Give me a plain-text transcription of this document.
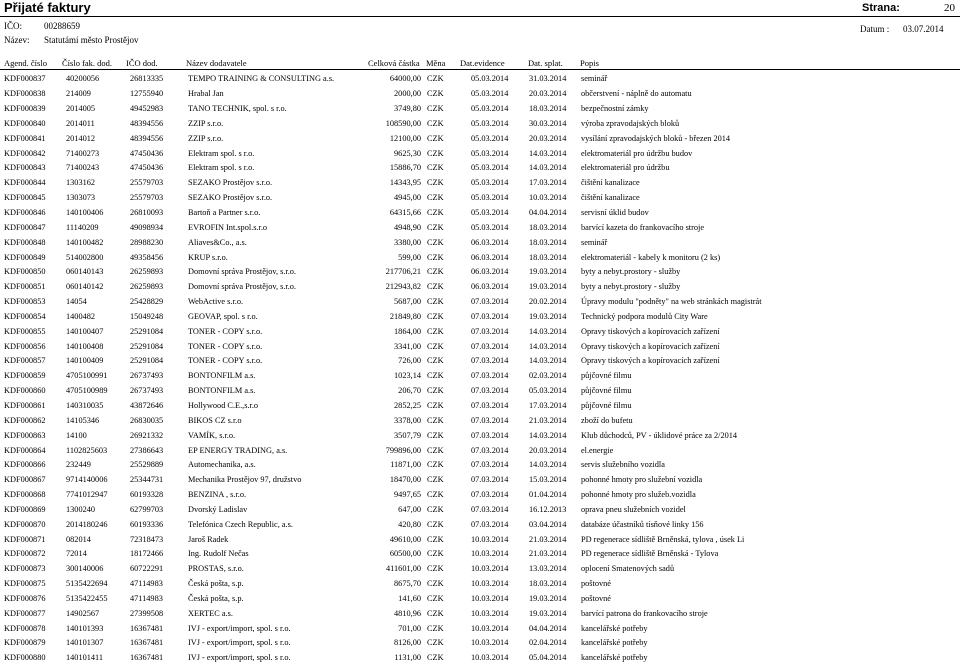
Přijaté faktury	Strana:	20
IČO: 00288659
Název: Statutámí město Prostějov
Datum : 03.07.2014
Agend. číslo Číslo fak. dod. IČO dod.	Název dodavatele	Celková částka Měna Dat.evidence	Dat. splat. Popis
KDF000837	40200056	26813335	TEMPO TRAINING & CONSULTING a.s.	64000,00	CZK	05.03.2014	31.03.2014	seminář
KDF000838	214009	12755940	Hrabal Jan	2000,00	CZK	05.03.2014	20.03.2014	občerstvení - náplně do automatu
KDF000839	2014005	49452983	TANO TECHNIK, spol. s r.o.	3749,80	CZK	05.03.2014	18.03.2014	bezpečnostní zámky
KDF000840	2014011	48394556	ZZIP s.r.o.	108590,00	CZK	05.03.2014	30.03.2014	výroba zpravodajských bloků
KDF000841	2014012	48394556	ZZIP s.r.o.	12100,00	CZK	05.03.2014	20.03.2014	vysílání zpravodajských bloků - březen 2014
KDF000842	71400273	47450436	Elektram spol. s r.o.	9625,30	CZK	05.03.2014	14.03.2014	elektromateriál pro údržbu budov
KDF000843	71400243	47450436	Elektram spol. s r.o.	15886,70	CZK	05.03.2014	14.03.2014	elektromateriál pro údržbu
KDF000844	1303162	25579703	SEZAKO Prostějov s.r.o.	14343,95	CZK	05.03.2014	17.03.2014	čištění kanalizace
KDF000845	1303073	25579703	SEZAKO Prostějov s.r.o.	4945,00	CZK	05.03.2014	10.03.2014	čištění kanalizace
KDF000846	140100406	26810093	Bartoň a Partner s.r.o.	64315,66	CZK	05.03.2014	04.04.2014	servisní úklid budov
KDF000847	11140209	49098934	EVROFIN Int.spol.s.r.o	4948,90	CZK	05.03.2014	18.03.2014	barvící kazeta do frankovacího stroje
KDF000848	140100482	28988230	Aliaves&Co., a.s.	3380,00	CZK	06.03.2014	18.03.2014	seminář
KDF000849	514002800	49358456	KRUP s.r.o.	599,00	CZK	06.03.2014	18.03.2014	elektromateriál - kabely k monitoru (2 ks)
KDF000850	060140143	26259893	Domovní správa Prostějov, s.r.o.	217706,21	CZK	06.03.2014	19.03.2014	byty a nebyt.prostory - služby
KDF000851	060140142	26259893	Domovní správa Prostějov, s.r.o.	212943,82	CZK	06.03.2014	19.03.2014	byty a nebyt.prostory - služby
KDF000853	14054	25428829	WebActive s.r.o.	5687,00	CZK	07.03.2014	20.02.2014	Úpravy modulu "podněty" na web stránkách magistrát
KDF000854	1400482	15049248	GEOVAP, spol. s r.o.	21849,80	CZK	07.03.2014	19.03.2014	Technický podpora modulů City Ware
KDF000855	140100407	25291084	TONER - COPY s.r.o.	1864,00	CZK	07.03.2014	14.03.2014	Opravy tiskových a kopírovacích zařízení
KDF000856	140100408	25291084	TONER - COPY s.r.o.	3341,00	CZK	07.03.2014	14.03.2014	Opravy tiskových a kopírovacích zařízení
KDF000857	140100409	25291084	TONER - COPY s.r.o.	726,00	CZK	07.03.2014	14.03.2014	Opravy tiskových a kopírovacích zařízení
KDF000859	4705100991	26737493	BONTONFILM a.s.	1023,14	CZK	07.03.2014	02.03.2014	půjčovné filmu
KDF000860	4705100989	26737493	BONTONFILM a.s.	206,70	CZK	07.03.2014	05.03.2014	půjčovné filmu
KDF000861	140310035	43872646	Hollywood C.E.,s.r.o	2852,25	CZK	07.03.2014	17.03.2014	půjčovné filmu
KDF000862	14105346	26830035	BIKOS CZ s.r.o	3378,00	CZK	07.03.2014	21.03.2014	zboží do bufetu
KDF000863	14100	26921332	VAMÍK, s.r.o.	3507,79	CZK	07.03.2014	14.03.2014	Klub důchodců, PV - úklidové práce za 2/2014
KDF000864	1102825603	27386643	EP ENERGY TRADING, a.s.	799896,00	CZK	07.03.2014	20.03.2014	el.energie
KDF000866	232449	25529889	Automechanika, a.s.	11871,00	CZK	07.03.2014	14.03.2014	servis služebního vozidla
KDF000867	9714140006	25344731	Mechanika Prostějov 97, družstvo	18470,00	CZK	07.03.2014	15.03.2014	pohonné hmoty pro služební vozidla
KDF000868	7741012947	60193328	BENZINA , s.r.o.	9497,65	CZK	07.03.2014	01.04.2014	pohonné hmoty pro služeb.vozidla
KDF000869	1300240	62799703	Dvorský Ladislav	647,00	CZK	07.03.2014	16.12.2013	oprava pneu služebních vozidel
KDF000870	2014180246	60193336	Telefónica Czech Republic, a.s.	420,80	CZK	07.03.2014	03.04.2014	databáze účastníků tísňové linky 156
KDF000871	082014	72318473	Jaroš Radek	49610,00	CZK	10.03.2014	21.03.2014	PD regenerace sídliště Brněnská, tylova , úsek Li
KDF000872	72014	18172466	Ing. Rudolf Nečas	60500,00	CZK	10.03.2014	21.03.2014	PD regenerace sídliště Brněnská - Tylova
KDF000873	300140006	60722291	PROSTAS, s.r.o.	411601,00	CZK	10.03.2014	13.03.2014	oplocení Smatenových sadů
KDF000875	5135422694	47114983	Česká pošta, s.p.	8675,70	CZK	10.03.2014	18.03.2014	poštovné
KDF000876	5135422455	47114983	Česká pošta, s.p.	141,60	CZK	10.03.2014	19.03.2014	poštovné
KDF000877	14902567	27399508	XERTEC a.s.	4810,96	CZK	10.03.2014	19.03.2014	barvící patrona do frankovacího stroje
KDF000878	140101393	16367481	IVJ - export/import, spol. s r.o.	701,00	CZK	10.03.2014	04.04.2014	kancelářské potřeby
KDF000879	140101307	16367481	IVJ - export/import, spol. s r.o.	8126,00	CZK	10.03.2014	02.04.2014	kancelářské potřeby
KDF000880	140101411	16367481	IVJ - export/import, spol. s r.o.	1131,00	CZK	10.03.2014	05.04.2014	kancelářské potřeby
